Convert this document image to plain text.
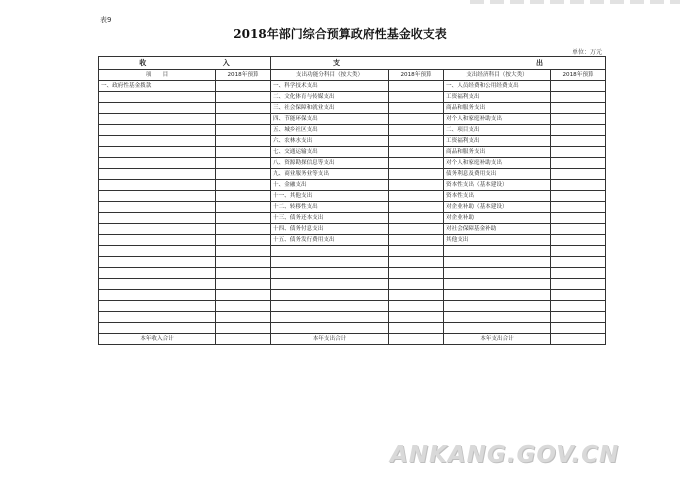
表9
2018年部门综合预算政府性基金收支表
单位：万元
收 入		支 出			

项　　目	2018年预算	支出功能分科目（按大类）	2018年预算	支出经济科目（按大类）	2018年预算
一、政府性基金拨款		一、科学技术支出		一、人员经费和公用经费支出	
		二、文化体育与传媒支出		工资福利支出	
		三、社会保障和就业支出		商品和服务支出	
		四、节能环保支出		对个人和家庭补助支出	
		五、城乡社区支出		二、项目支出	
		六、农林水支出		工资福利支出	
		七、交通运输支出		商品和服务支出	
		八、资源勘探信息等支出		对个人和家庭补助支出	
		九、商业服务业等支出		债务利息及费用支出	
		十、金融支出		资本性支出（基本建设）	
		十一、其他支出		资本性支出	
		十二、转移性支出		对企业补助（基本建设）	
		十三、债务还本支出		对企业补助	
		十四、债务付息支出		对社会保障基金补助	
		十五、债务发行费用支出		其他支出	

本年收入合计		本年支出合计		本年支出合计	
ANKANG.GOV.CN
